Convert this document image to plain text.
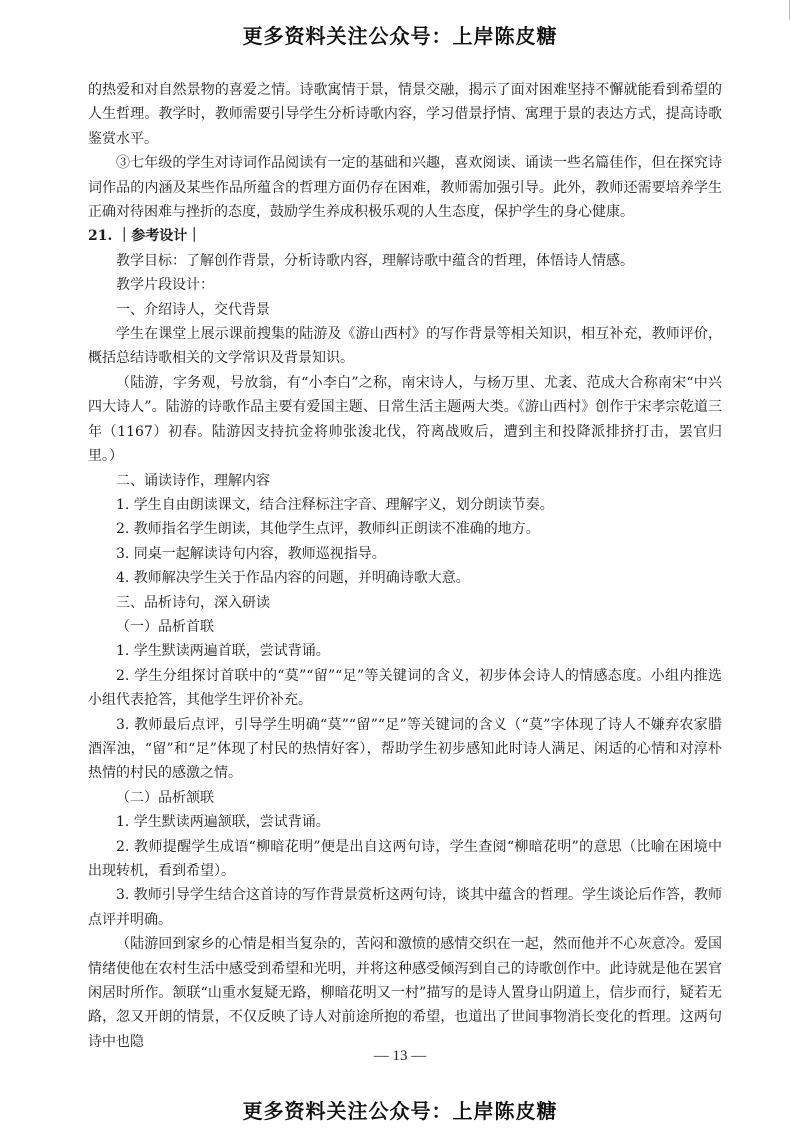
更多资料关注公众号：上岸陈皮糖

的热爱和对自然景物的喜爱之情。诗歌寓情于景，情景交融，揭示了面对困难坚持不懈就能看到希望的人生哲理。教学时，教师需要引导学生分析诗歌内容，学习借景抒情、寓理于景的表达方式，提高诗歌鉴赏水平。

③七年级的学生对诗词作品阅读有一定的基础和兴趣，喜欢阅读、诵读一些名篇佳作，但在探究诗词作品的内涵及某些作品所蕴含的哲理方面仍存在困难，教师需加强引导。此外，教师还需要培养学生正确对待困难与挫折的态度，鼓励学生养成积极乐观的人生态度，保护学生的身心健康。

21. ｜参考设计｜

教学目标：了解创作背景，分析诗歌内容，理解诗歌中蕴含的哲理，体悟诗人情感。

教学片段设计：

一、介绍诗人，交代背景

学生在课堂上展示课前搜集的陆游及《游山西村》的写作背景等相关知识，相互补充，教师评价，概括总结诗歌相关的文学常识及背景知识。

（陆游，字务观，号放翁，有“小李白”之称，南宋诗人，与杨万里、尤袤、范成大合称南宋“中兴四大诗人”。陆游的诗歌作品主要有爱国主题、日常生活主题两大类。《游山西村》创作于宋孝宗乾道三年（1167）初春。陆游因支持抗金将帅张浚北伐，符离战败后，遭到主和投降派排挤打击，罢官归里。）

二、诵读诗作，理解内容

1. 学生自由朗读课文，结合注释标注字音、理解字义，划分朗读节奏。

2. 教师指名学生朗读，其他学生点评，教师纠正朗读不准确的地方。

3. 同桌一起解读诗句内容，教师巡视指导。

4. 教师解决学生关于作品内容的问题，并明确诗歌大意。

三、品析诗句，深入研读

（一）品析首联

1. 学生默读两遍首联，尝试背诵。

2. 学生分组探讨首联中的“莫”“留”“足”等关键词的含义，初步体会诗人的情感态度。小组内推选小组代表抢答，其他学生评价补充。

3. 教师最后点评，引导学生明确“莫”“留”“足”等关键词的含义（“莫”字体现了诗人不嫌弃农家腊酒浑浊，“留”和“足”体现了村民的热情好客），帮助学生初步感知此时诗人满足、闲适的心情和对淳朴热情的村民的感激之情。

（二）品析颔联

1. 学生默读两遍颔联，尝试背诵。

2. 教师提醒学生成语“柳暗花明”便是出自这两句诗，学生查阅“柳暗花明”的意思（比喻在困境中出现转机，看到希望）。

3. 教师引导学生结合这首诗的写作背景赏析这两句诗，谈其中蕴含的哲理。学生谈论后作答，教师点评并明确。

（陆游回到家乡的心情是相当复杂的，苦闷和激愤的感情交织在一起，然而他并不心灰意冷。爱国情绪使他在农村生活中感受到希望和光明，并将这种感受倾泻到自己的诗歌创作中。此诗就是他在罢官闲居时所作。颔联“山重水复疑无路，柳暗花明又一村”描写的是诗人置身山阴道上，信步而行，疑若无路，忽又开朗的情景，不仅反映了诗人对前途所抱的希望，也道出了世间事物消长变化的哲理。这两句诗中也隐

— 13 —
更多资料关注公众号：上岸陈皮糖
